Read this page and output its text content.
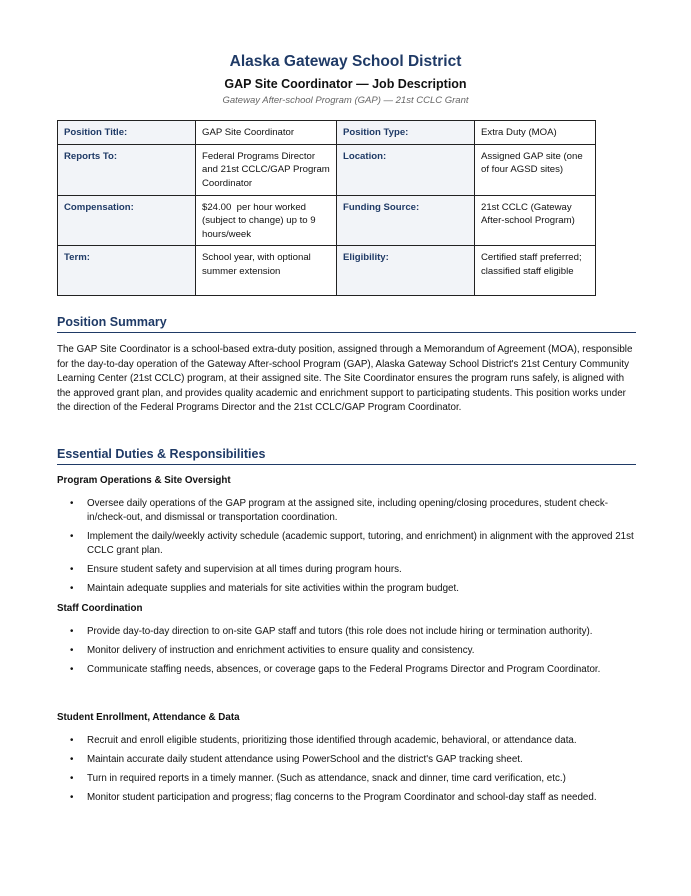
Alaska Gateway School District
GAP Site Coordinator — Job Description
Gateway After-school Program (GAP) — 21st CCLC Grant
Position Title:	GAP Site Coordinator	Position Type:	Extra Duty (MOA)
Reports To:	Federal Programs Director and 21st CCLC/GAP Program Coordinator	Location:	Assigned GAP site (one of four AGSD sites)
Compensation:	$24.00  per hour worked (subject to change) up to 9 hours/week	Funding Source:	21st CCLC (Gateway After-school Program)
Term:	School year, with optional summer extension	Eligibility:	Certified staff preferred; classified staff eligible
Position Summary
The GAP Site Coordinator is a school-based extra-duty position, assigned through a Memorandum of Agreement (MOA), responsible for the day-to-day operation of the Gateway After-school Program (GAP), Alaska Gateway School District's 21st Century Community Learning Center (21st CCLC) program, at their assigned site. The Site Coordinator ensures the program runs safely, is aligned with the approved grant plan, and provides quality academic and enrichment support to participating students. This position works under the direction of the Federal Programs Director and the 21st CCLC/GAP Program Coordinator.
Essential Duties & Responsibilities
Program Operations & Site Oversight
• Oversee daily operations of the GAP program at the assigned site, including opening/closing procedures, student check-in/check-out, and dismissal or transportation coordination.
• Implement the daily/weekly activity schedule (academic support, tutoring, and enrichment) in alignment with the approved 21st CCLC grant plan.
• Ensure student safety and supervision at all times during program hours.
• Maintain adequate supplies and materials for site activities within the program budget.
Staff Coordination
• Provide day-to-day direction to on-site GAP staff and tutors (this role does not include hiring or termination authority).
• Monitor delivery of instruction and enrichment activities to ensure quality and consistency.
• Communicate staffing needs, absences, or coverage gaps to the Federal Programs Director and Program Coordinator.
Student Enrollment, Attendance & Data
• Recruit and enroll eligible students, prioritizing those identified through academic, behavioral, or attendance data.
• Maintain accurate daily student attendance using PowerSchool and the district's GAP tracking sheet.
• Turn in required reports in a timely manner. (Such as attendance, snack and dinner, time card verification, etc.)
• Monitor student participation and progress; flag concerns to the Program Coordinator and school-day staff as needed.
